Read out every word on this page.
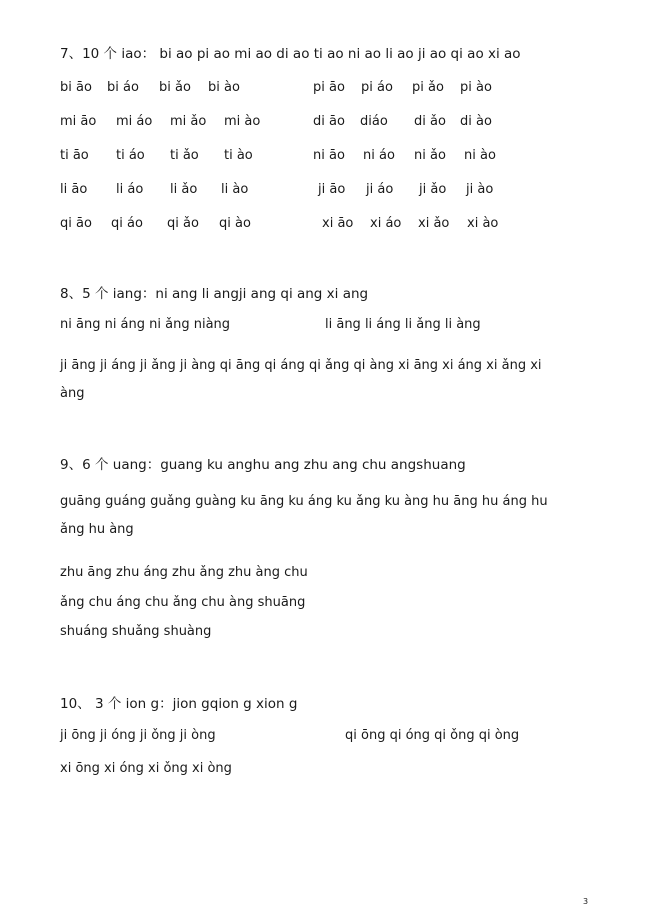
7、10 个 iao： bi ao pi ao mi ao di ao ti ao ni ao li ao ji ao qi ao xi ao
bi āo bi áo bi ǎo bi ào	pi āo pi áo pi ǎo pi ào
mi āo mi áo mi ǎo mi ào	di āo diáo di ǎo di ào
ti āo ti áo ti ǎo ti ào	ni āo ni áo ni ǎo ni ào
li āo li áo li ǎo li ào	ji āo ji áo ji ǎo ji ào
qi āo qi áo qi ǎo qi ào	xi āo xi áo xi ǎo xi ào
8、5 个 iang：ni ang li angji ang qi ang xi ang
ni āng ni áng ni ǎng niàng	li āng li áng li ǎng li àng
ji āng ji áng ji ǎng ji àng qi āng qi áng qi ǎng qi àng xi āng xi áng xi ǎng xi
àng
9、6 个 uang：guang ku anghu ang zhu ang chu angshuang
guāng guáng guǎng guàng ku āng ku áng ku ǎng ku àng hu āng hu áng hu
ǎng hu àng
zhu āng zhu áng zhu ǎng zhu àng chu
ǎng chu áng chu ǎng chu àng shuāng
shuáng shuǎng shuàng
10、 3 个 ion g：jion gqion g xion g
ji ōng ji óng ji ǒng ji òng	qi ōng qi óng qi ǒng qi òng
xi ōng xi óng xi ǒng xi òng
3
